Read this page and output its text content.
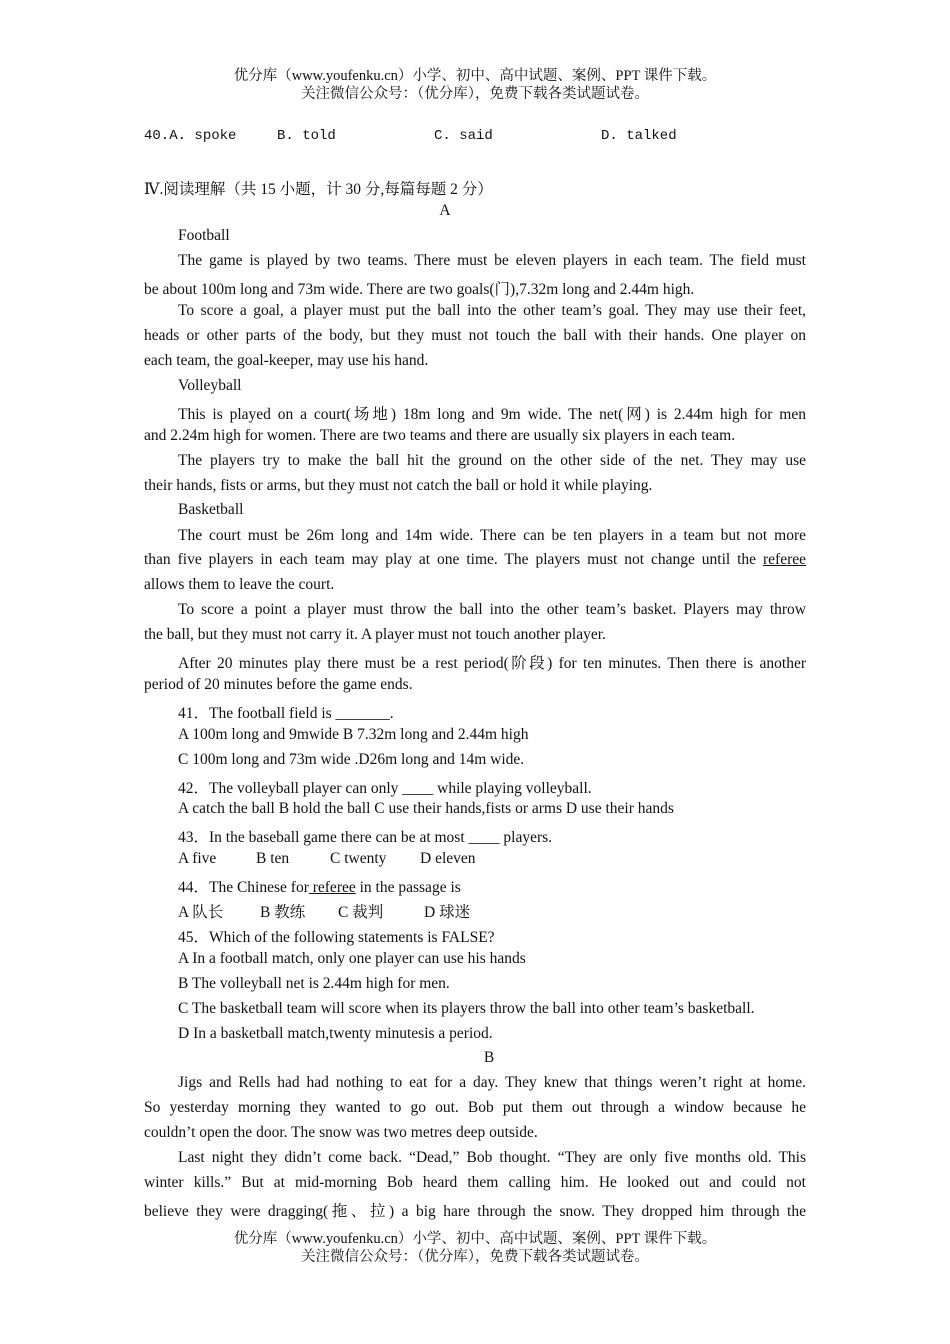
优分库（www.youfenku.cn）小学、初中、高中试题、案例、PPT 课件下载。
关注微信公众号：（优分库），免费下载各类试题试卷。
40.A. spoke	B. told	C. said	D. talked
Ⅳ.阅读理解（共 15 小题，计 30 分,每篇每题 2 分）
A
Football
The game is played by two teams. There must be eleven players in each team. The field must
be about 100m long and 73m wide. There are two goals(门),7.32m long and 2.44m high.
To score a goal, a player must put the ball into the other team’s goal. They may use their feet,
heads or other parts of the body, but they must not touch the ball with their hands. One player on
each team, the goal-keeper, may use his hand.
Volleyball
This is played on a court(场地) 18m long and 9m wide. The net(网) is 2.44m high for men
and 2.24m high for women. There are two teams and there are usually six players in each team.
The players try to make the ball hit the ground on the other side of the net. They may use
their hands, fists or arms, but they must not catch the ball or hold it while playing.
Basketball
The court must be 26m long and 14m wide. There can be ten players in a team but not more
than five players in each team may play at one time. The players must not change until the referee
allows them to leave the court.
To score a point a player must throw the ball into the other team’s basket. Players may throw
the ball, but they must not carry it. A player must not touch another player.
After 20 minutes play there must be a rest period(阶段) for ten minutes. Then there is another
period of 20 minutes before the game ends.
41．The football field is _______.
A 100m long and 9mwide B 7.32m long and 2.44m high
C 100m long and 73m wide .D26m long and 14m wide.
42．The volleyball player can only ____ while playing volleyball.
A catch the ball B hold the ball C use their hands,fists or arms D use their hands
43．In the baseball game there can be at most ____ players.
A five	B ten	C twenty D eleven
44．The Chinese for referee in the passage is
A 队长 B 教练 C 裁判	D 球迷
45．Which of the following statements is FALSE?
A In a football match, only one player can use his hands
B The volleyball net is 2.44m high for men.
C The basketball team will score when its players throw the ball into other team’s basketball.
D In a basketball match,twenty minutesis a period.
B
Jigs and Rells had had nothing to eat for a day. They knew that things weren’t right at home.
So yesterday morning they wanted to go out. Bob put them out through a window because he
couldn’t open the door. The snow was two metres deep outside.
Last night they didn’t come back. “Dead,” Bob thought. “They are only five months old. This
winter kills.” But at mid-morning Bob heard them calling him. He looked out and could not
believe they were dragging(拖、拉) a big hare through the snow. They dropped him through the
优分库（www.youfenku.cn）小学、初中、高中试题、案例、PPT 课件下载。
关注微信公众号：（优分库），免费下载各类试题试卷。
